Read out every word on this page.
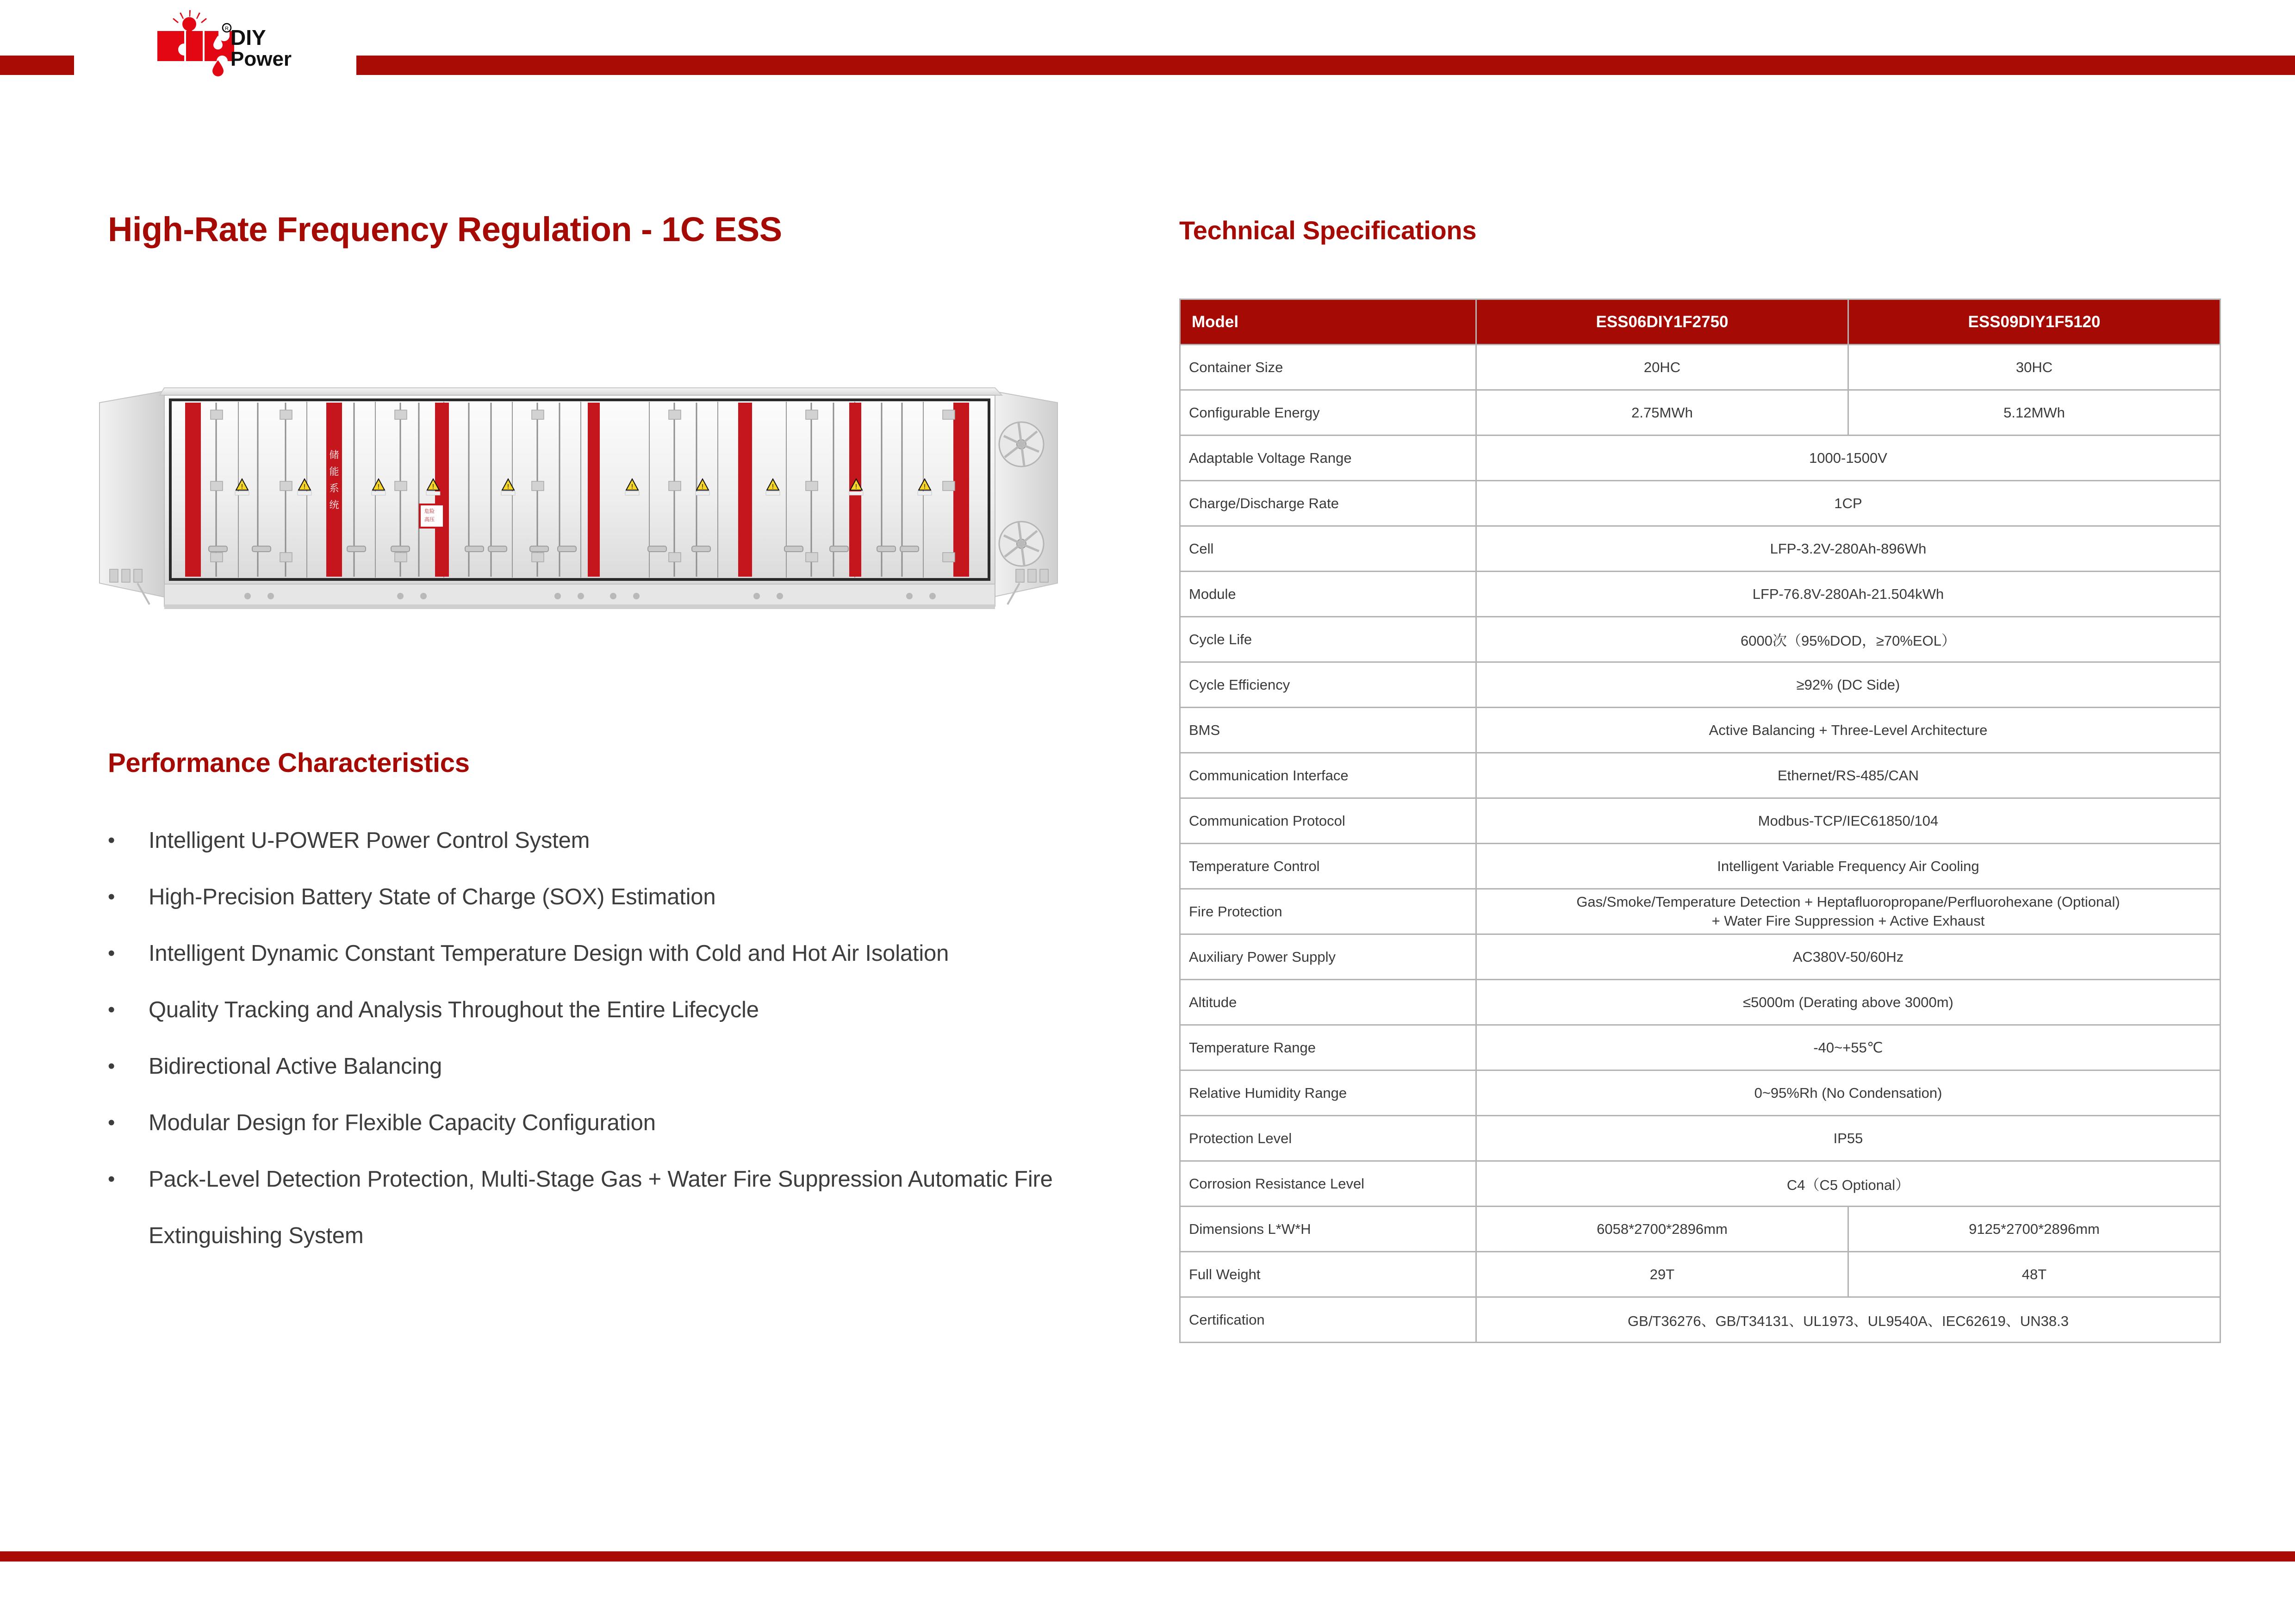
R DIY
Power
High-Rate Frequency Regulation - 1C ESS
储
能
系
统
!	!	!	!	!	!	!	!	!	!
危险
高压
Performance Characteristics
•	Intelligent U-POWER Power Control System
•	High-Precision Battery State of Charge (SOX) Estimation
•	Intelligent Dynamic Constant Temperature Design with Cold and Hot Air Isolation
•	Quality Tracking and Analysis Throughout the Entire Lifecycle
•	Bidirectional Active Balancing
•	Modular Design for Flexible Capacity Configuration
•	Pack-Level Detection Protection, Multi-Stage Gas + Water Fire Suppression Automatic Fire Extinguishing System
Technical Specifications
Model	ESS06DIY1F2750	ESS09DIY1F5120
Container Size	20HC	30HC
Configurable Energy	2.75MWh	5.12MWh
Adaptable Voltage Range	1000-1500V	
Charge/Discharge Rate	1CP	
Cell	LFP-3.2V-280Ah-896Wh	
Module	LFP-76.8V-280Ah-21.504kWh	
Cycle Life	6000次（95%DOD，≥70%EOL）	
Cycle Efficiency	≥92% (DC Side)	
BMS	Active Balancing + Three-Level Architecture	
Communication Interface	Ethernet/RS-485/CAN	
Communication Protocol	Modbus-TCP/IEC61850/104	
Temperature Control	Intelligent Variable Frequency Air Cooling	
Fire Protection	Gas/Smoke/Temperature Detection + Heptafluoropropane/Perfluorohexane (Optional)
+ Water Fire Suppression + Active Exhaust	
Auxiliary Power Supply	AC380V-50/60Hz	
Altitude	≤5000m (Derating above 3000m)	
Temperature Range	-40~+55℃	
Relative Humidity Range	0~95%Rh (No Condensation)	
Protection Level	IP55	
Corrosion Resistance Level	C4（C5 Optional）	
Dimensions L*W*H	6058*2700*2896mm	9125*2700*2896mm
Full Weight	29T	48T
Certification	GB/T36276、GB/T34131、UL1973、UL9540A、IEC62619、UN38.3	
